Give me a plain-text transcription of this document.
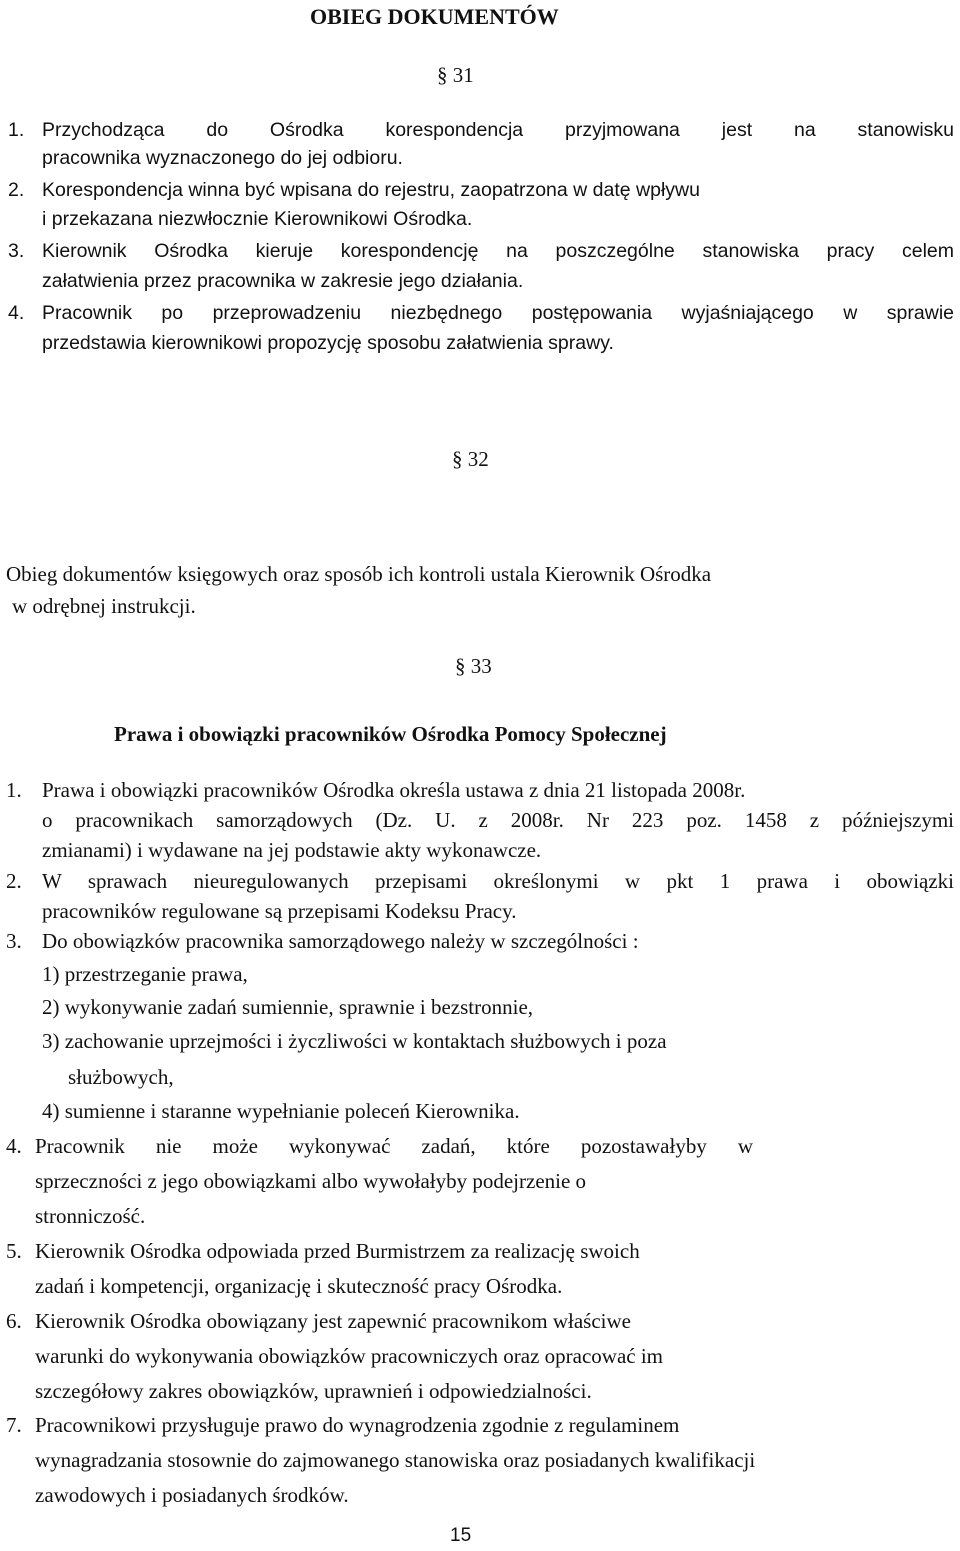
OBIEG DOKUMENTÓW
§ 31
1. Przychodząca do Ośrodka korespondencja przyjmowana jest na stanowisku
pracownika wyznaczonego do jej odbioru.
2. Korespondencja winna być wpisana do rejestru, zaopatrzona w datę wpływu
i przekazana niezwłocznie Kierownikowi Ośrodka.
3. Kierownik Ośrodka kieruje korespondencję na poszczególne stanowiska pracy celem
załatwienia przez pracownika w zakresie jego działania.
4. Pracownik po przeprowadzeniu niezbędnego postępowania wyjaśniającego w sprawie
przedstawia kierownikowi propozycję sposobu załatwienia sprawy.
§ 32
Obieg dokumentów księgowych oraz sposób ich kontroli ustala Kierownik Ośrodka
w odrębnej instrukcji.
§ 33
Prawa i obowiązki pracowników Ośrodka Pomocy Społecznej
1. Prawa i obowiązki pracowników Ośrodka określa ustawa z dnia 21 listopada 2008r.
o pracownikach samorządowych (Dz. U. z 2008r. Nr 223 poz. 1458 z późniejszymi
zmianami) i wydawane na jej podstawie akty wykonawcze.
2. W sprawach nieuregulowanych przepisami określonymi w pkt 1 prawa i obowiązki
pracowników regulowane są przepisami Kodeksu Pracy.
3. Do obowiązków pracownika samorządowego należy w szczególności :
1) przestrzeganie prawa,
2) wykonywanie zadań sumiennie, sprawnie i bezstronnie,
3) zachowanie uprzejmości i życzliwości w kontaktach służbowych i poza
służbowych,
4) sumienne i staranne wypełnianie poleceń Kierownika.
4. Pracownik nie może wykonywać zadań, które pozostawałyby w
sprzeczności z jego obowiązkami albo wywołałyby podejrzenie o
stronniczość.
5. Kierownik Ośrodka odpowiada przed Burmistrzem za realizację swoich
zadań i kompetencji, organizację i skuteczność pracy Ośrodka.
6. Kierownik Ośrodka obowiązany jest zapewnić pracownikom właściwe
warunki do wykonywania obowiązków pracowniczych oraz opracować im
szczegółowy zakres obowiązków, uprawnień i odpowiedzialności.
7. Pracownikowi przysługuje prawo do wynagrodzenia zgodnie z regulaminem
wynagradzania stosownie do zajmowanego stanowiska oraz posiadanych kwalifikacji
zawodowych i posiadanych środków.
15
